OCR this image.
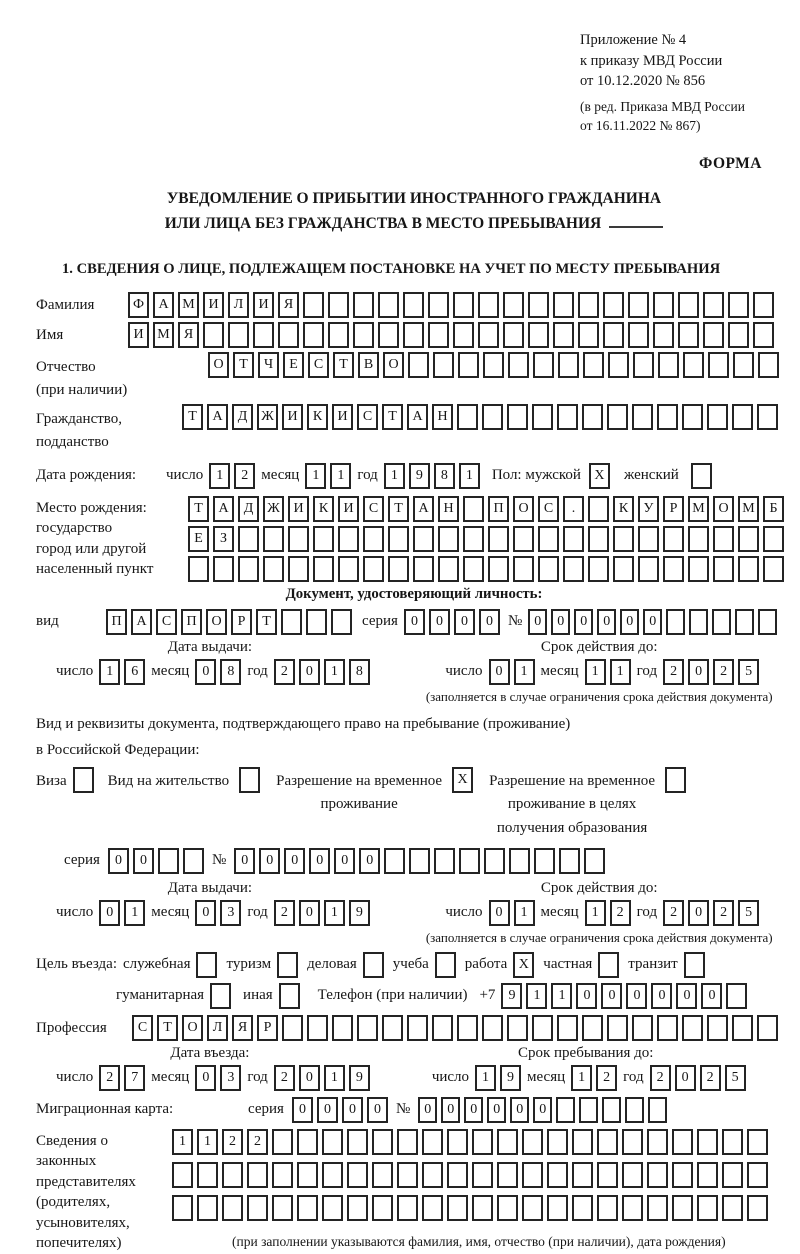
Приложение № 4
к приказу МВД России
от 10.12.2020 № 856
(в ред. Приказа МВД России
от 16.11.2022 № 867)
ФОРМА
УВЕДОМЛЕНИЕ О ПРИБЫТИИ ИНОСТРАННОГО ГРАЖДАНИНА
ИЛИ ЛИЦА БЕЗ ГРАЖДАНСТВА В МЕСТО ПРЕБЫВАНИЯ
1. СВЕДЕНИЯ О ЛИЦЕ, ПОДЛЕЖАЩЕМ ПОСТАНОВКЕ НА УЧЕТ ПО МЕСТУ ПРЕБЫВАНИЯ
Фамилия	Ф	А М И	Л	И	Я
Имя	И М	Я
Отчество
(при наличии)
О	Т	Ч	Е	С	Т	В	О
Гражданство,
подданство
Т	А	Д Ж И	К	И	С	Т	А	Н
Дата рождения:	число 1	2 месяц 1	1 год 1	9	8	1	Пол: мужской X	женский
Место рождения:
государство
город или другой
населенный пункт
Т	А	Д Ж И	К	И	С	Т	А	Н	П	О	С	.	К	У	Р	М О М	Б
Е	З
Документ, удостоверяющий личность:
вид	П	А	С	П	О	Р	Т	серия 0	0	0	0	№ 0	0	0	0	0	0
Дата выдачи:
число 1	6 месяц 0	8 год 2	0	1	8
Срок действия до:
число 0	1 месяц 1	1 год 2	0	2	5
(заполняется в случае ограничения срока действия документа)
Вид и реквизиты документа, подтверждающего право на пребывание (проживание)
в Российской Федерации:
Виза	Вид на жительство	Разрешение на временное
проживание
X	Разрешение на временное
проживание в целях
получения образования
серия	0	0	№	0	0	0	0	0	0
Дата выдачи:
число 0	1 месяц 0	3 год 2	0	1	9
Срок действия до:
число 0	1 месяц 1	2 год 2	0	2	5
(заполняется в случае ограничения срока действия документа)
Цель въезда: служебная туризм деловая учеба работа X частная транзит
гуманитарная	иная	Телефон (при наличии) +7 9	1	1	0	0	0	0	0	0
Профессия	С	Т	О	Л	Я	Р
Дата въезда:
число 2	7 месяц 0	3 год 2	0	1	9
Срок пребывания до:
число 1	9 месяц 1	2 год 2	0	2	5
Миграционная карта:	серия	0	0	0	0	№	0	0	0	0	0	0
Сведения о
законных
представителях
(родителях,
усыновителях,
попечителях)
1	1	2	2
(при заполнении указываются фамилия, имя, отчество (при наличии), дата рождения)
